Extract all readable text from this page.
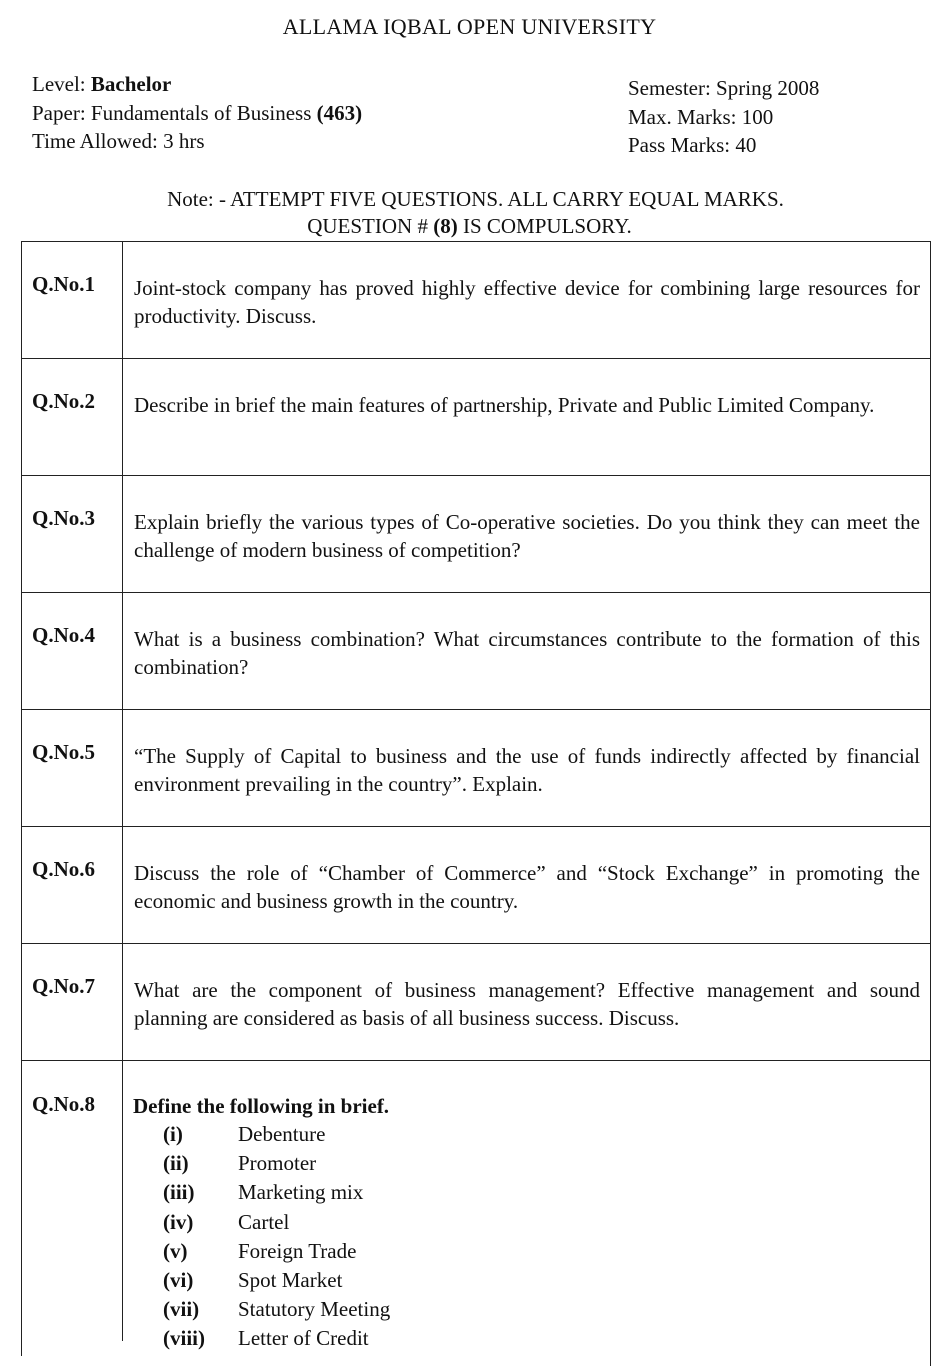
ALLAMA IQBAL OPEN UNIVERSITY
Level: Bachelor
Paper: Fundamentals of Business (463)
Time Allowed: 3 hrs
Semester: Spring 2008
Max. Marks: 100
Pass Marks: 40
Note: - ATTEMPT FIVE QUESTIONS. ALL CARRY EQUAL MARKS.
QUESTION # (8) IS COMPULSORY.
Q.No.1 Joint-stock company has proved highly effective device for combining large resources for productivity. Discuss.
Q.No.2 Describe in brief the main features of partnership, Private and Public Limited Company.
Q.No.3 Explain briefly the various types of Co-operative societies. Do you think they can meet the challenge of modern business of competition?
Q.No.4 What is a business combination? What circumstances contribute to the formation of this combination?
Q.No.5 “The Supply of Capital to business and the use of funds indirectly affected by financial environment prevailing in the country”. Explain.
Q.No.6 Discuss the role of “Chamber of Commerce” and “Stock Exchange” in promoting the economic and business growth in the country.
Q.No.7 What are the component of business management? Effective management and sound planning are considered as basis of all business success. Discuss.
Q.No.8 Define the following in brief.
(i)	Debenture
(ii) Promoter
(iii) Marketing mix
(iv) Cartel
(v) Foreign Trade
(vi) Spot Market
(vii) Statutory Meeting
(viii) Letter of Credit
